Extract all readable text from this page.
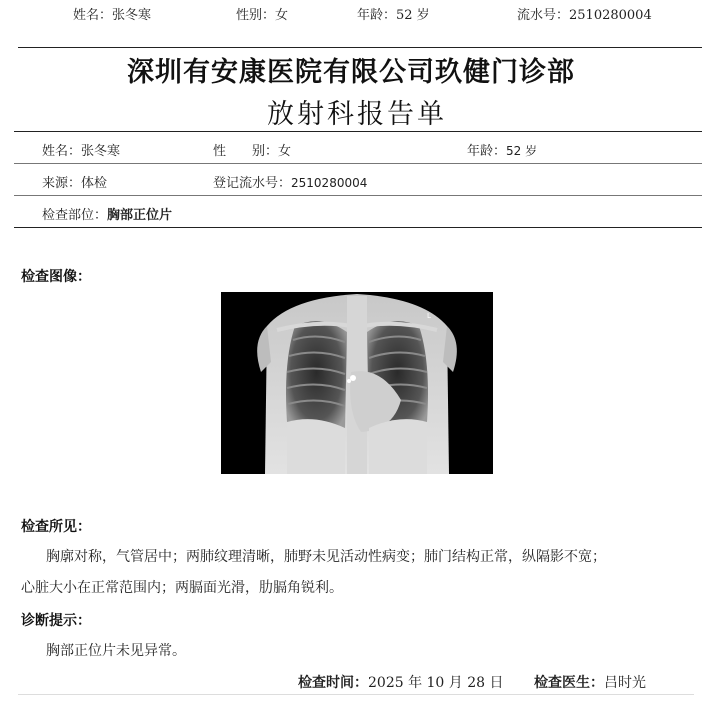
姓名：张冬寒	性别：女	年龄：52 岁	流水号：2510280004
深圳有安康医院有限公司玖健门诊部
放射科报告单
姓名：张冬寒	性　　别：女	年龄：52 岁
来源：体检	登记流水号：2510280004
检查部位：胸部正位片
检查图像：
L
检查所见：
胸廓对称，气管居中；两肺纹理清晰，肺野未见活动性病变；肺门结构正常，纵隔影不宽；
心脏大小在正常范围内；两膈面光滑，肋膈角锐利。
诊断提示：
胸部正位片未见异常。
检查时间：2025 年 10 月 28 日 检查医生：吕时光
